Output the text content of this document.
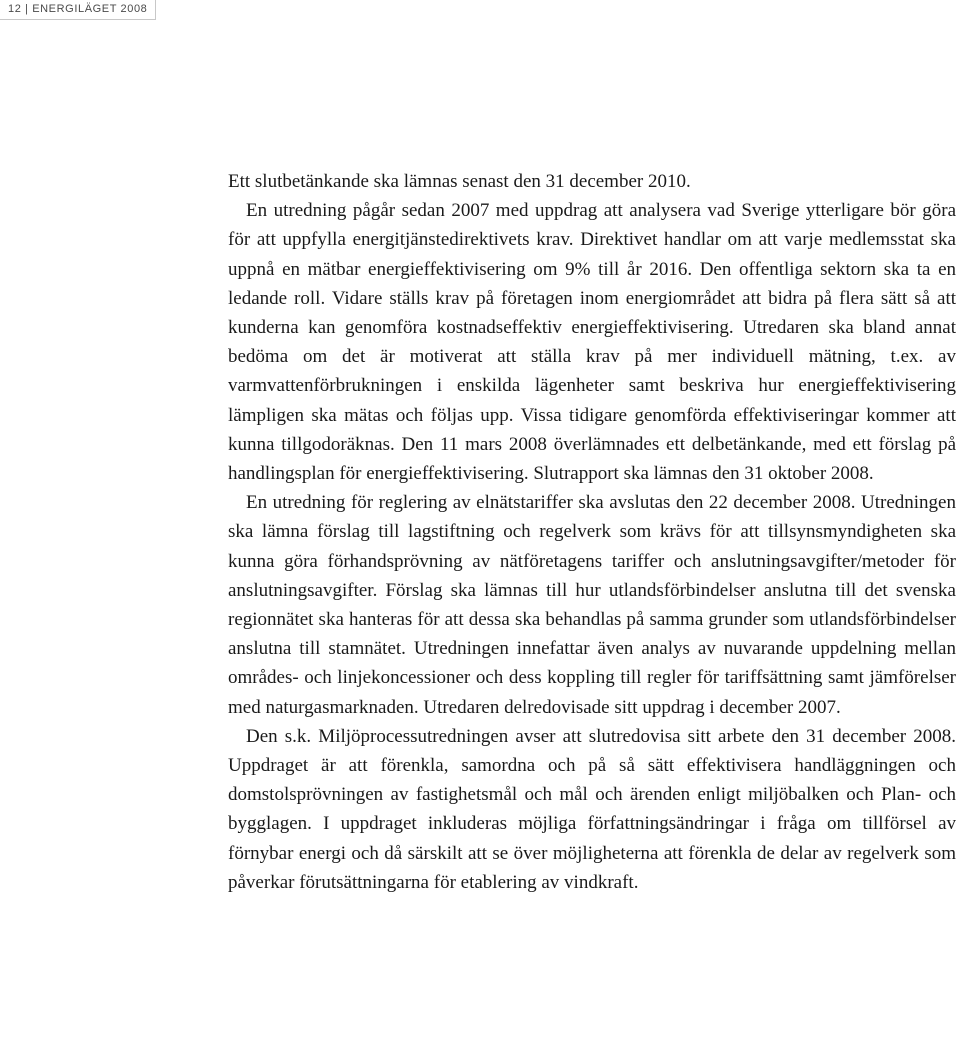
12 | ENERGILÄGET 2008

Ett slutbetänkande ska lämnas senast den 31 december 2010.

En utredning pågår sedan 2007 med uppdrag att analysera vad Sverige ytterligare bör göra för att uppfylla energitjänstedirektivets krav. Direktivet handlar om att varje medlemsstat ska uppnå en mätbar energieffektivisering om 9% till år 2016. Den offentliga sektorn ska ta en ledande roll. Vidare ställs krav på företagen inom energiområdet att bidra på flera sätt så att kunderna kan genomföra kostnadseffektiv energieffektivisering. Utredaren ska bland annat bedöma om det är motiverat att ställa krav på mer individuell mätning, t.ex. av varmvattenförbrukningen i enskilda lägenheter samt beskriva hur energieffektivisering lämpligen ska mätas och följas upp. Vissa tidigare genomförda effektiviseringar kommer att kunna tillgodoräknas. Den 11 mars 2008 överlämnades ett delbetänkande, med ett förslag på handlingsplan för energieffektivisering. Slutrapport ska lämnas den 31 oktober 2008.

En utredning för reglering av elnätstariffer ska avslutas den 22 december 2008. Utredningen ska lämna förslag till lagstiftning och regelverk som krävs för att tillsynsmyndigheten ska kunna göra förhandsprövning av nätföretagens tariffer och anslutningsavgifter/metoder för anslutningsavgifter. Förslag ska lämnas till hur utlandsförbindelser anslutna till det svenska regionnätet ska hanteras för att dessa ska behandlas på samma grunder som utlandsförbindelser anslutna till stamnätet. Utredningen innefattar även analys av nuvarande uppdelning mellan områdes- och linjekoncessioner och dess koppling till regler för tariffsättning samt jämförelser med naturgasmarknaden. Utredaren delredovisade sitt uppdrag i december 2007.

Den s.k. Miljöprocessutredningen avser att slutredovisa sitt arbete den 31 december 2008. Uppdraget är att förenkla, samordna och på så sätt effektivisera handläggningen och domstolsprövningen av fastighetsmål och mål och ärenden enligt miljöbalken och Plan- och bygglagen. I uppdraget inkluderas möjliga författningsändringar i fråga om tillförsel av förnybar energi och då särskilt att se över möjligheterna att förenkla de delar av regelverk som påverkar förutsättningarna för etablering av vindkraft.
